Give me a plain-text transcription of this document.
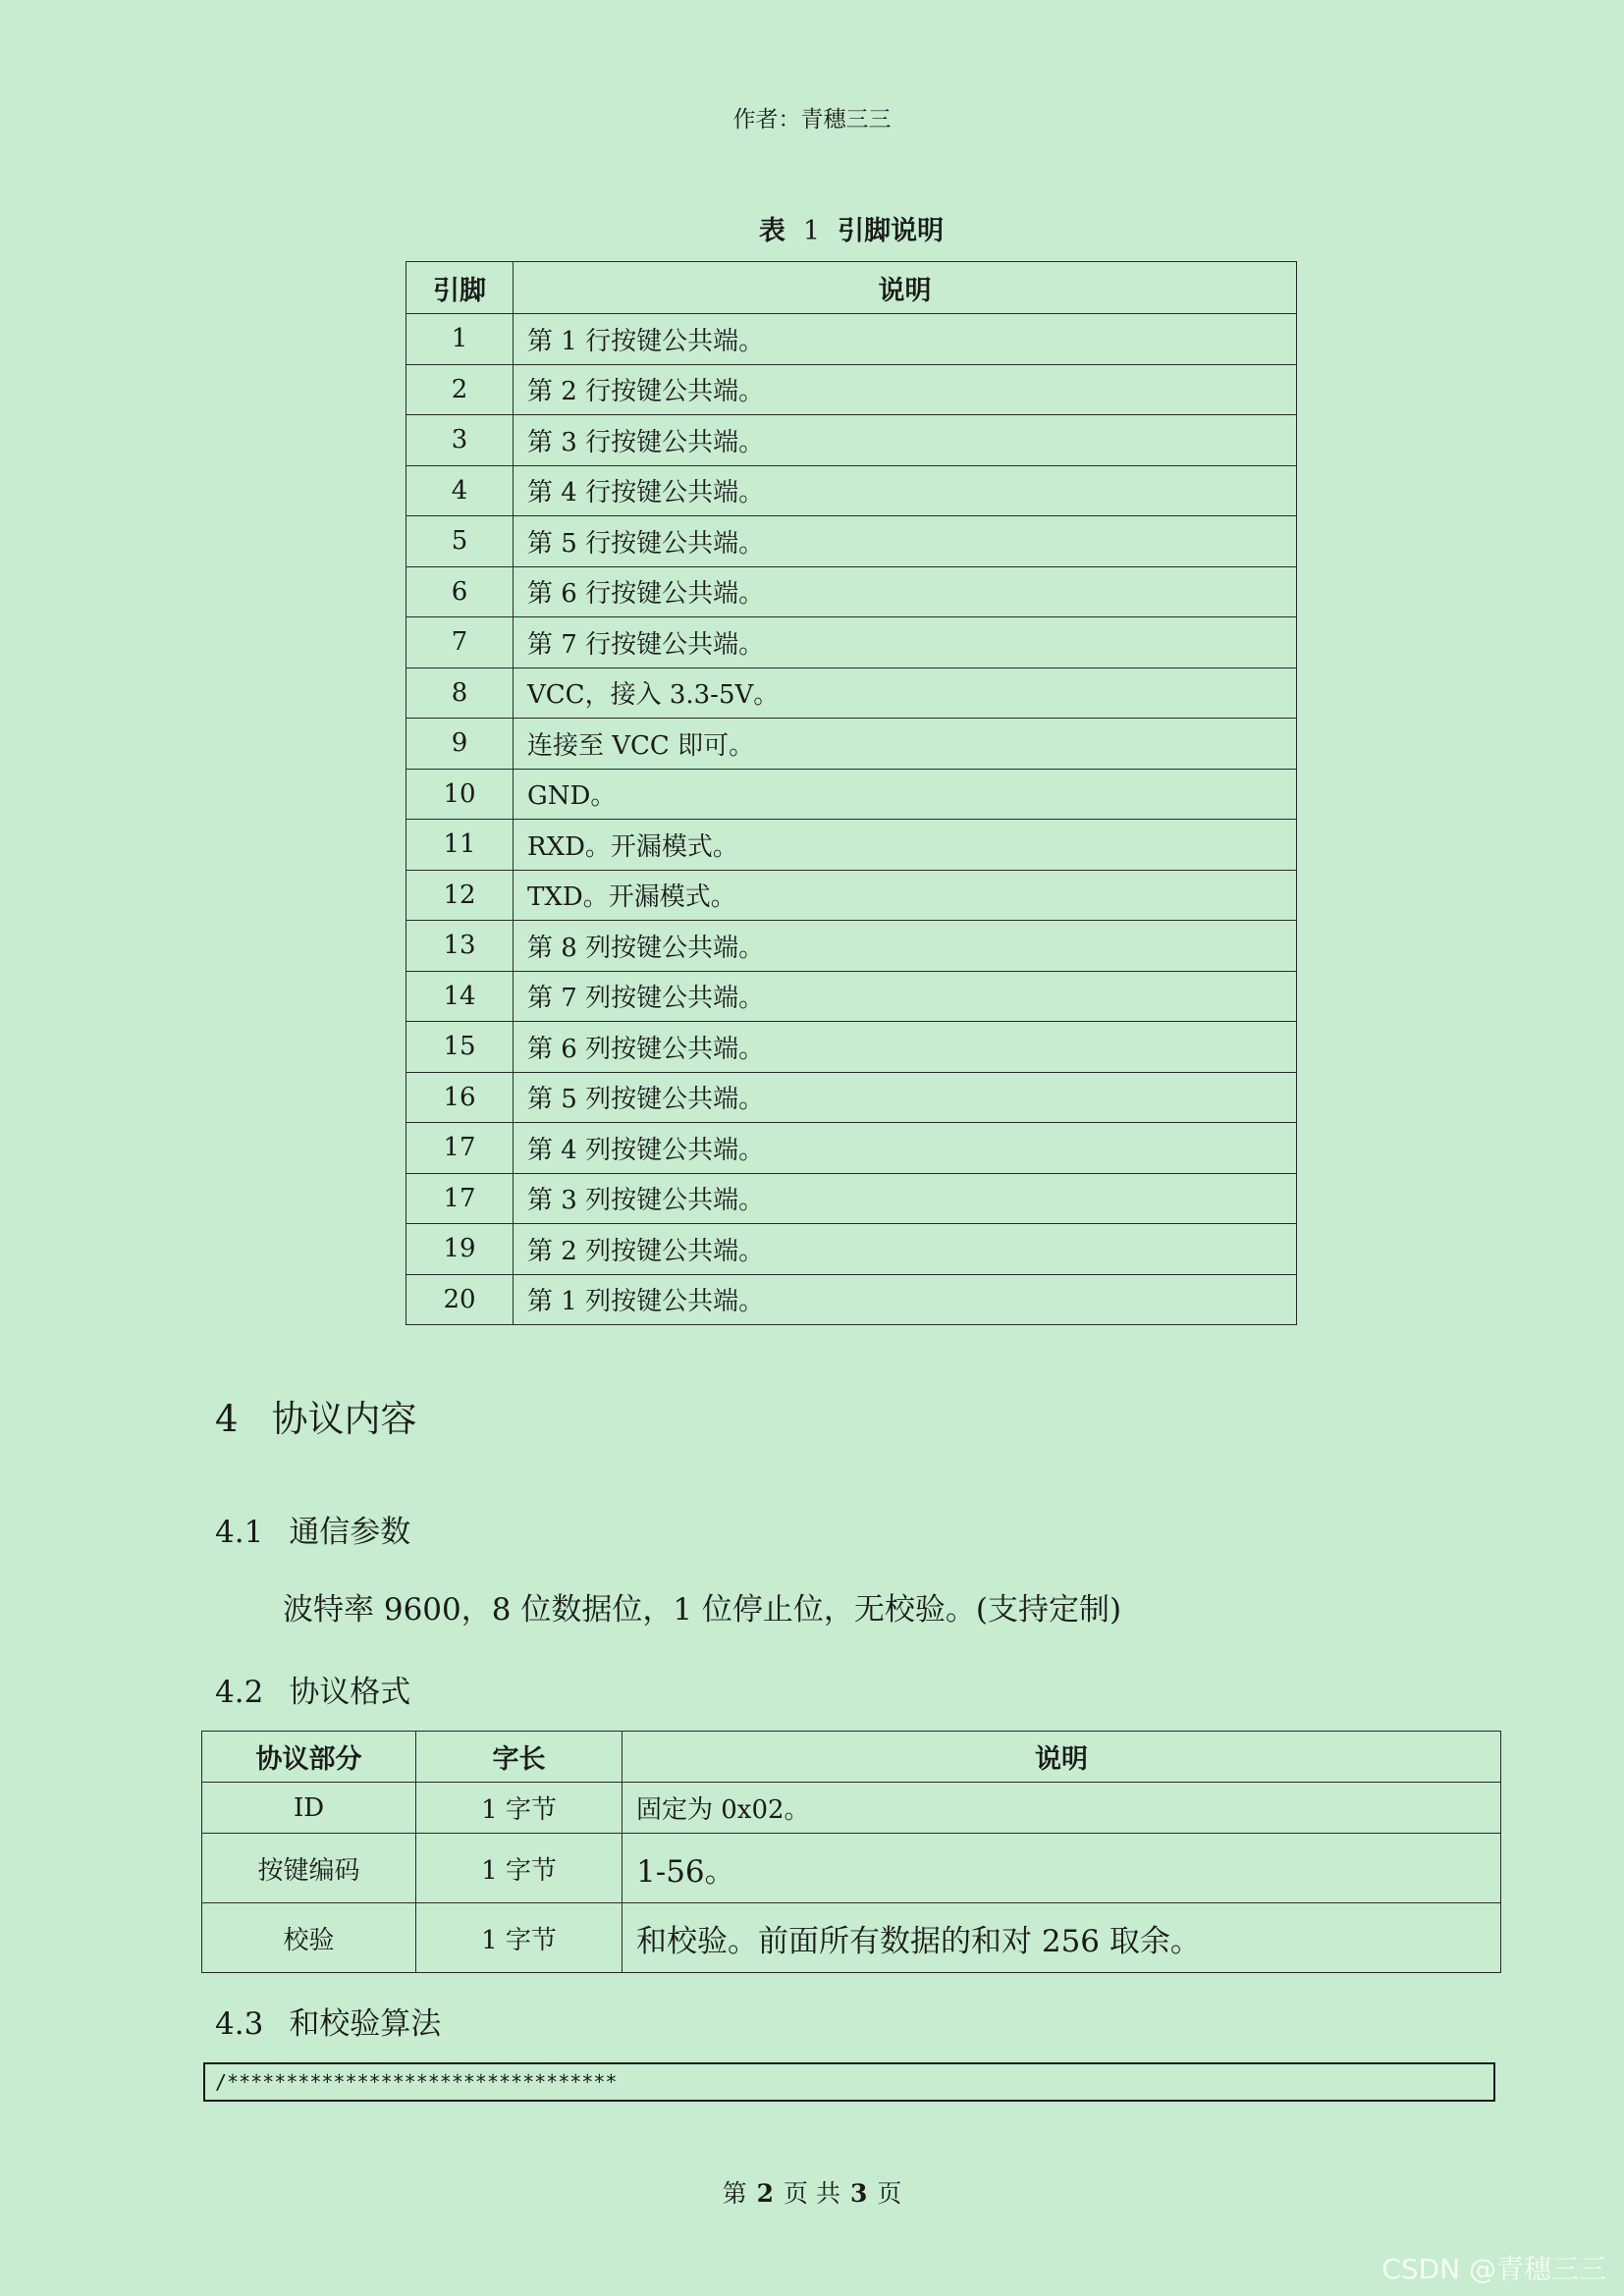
作者：青穗三三
表 1 引脚说明
引脚	说明
1	第 1 行按键公共端。
2	第 2 行按键公共端。
3	第 3 行按键公共端。
4	第 4 行按键公共端。
5	第 5 行按键公共端。
6	第 6 行按键公共端。
7	第 7 行按键公共端。
8	VCC，接入 3.3-5V。
9	连接至 VCC 即可。
10	GND。
11	RXD。开漏模式。
12	TXD。开漏模式。
13	第 8 列按键公共端。
14	第 7 列按键公共端。
15	第 6 列按键公共端。
16	第 5 列按键公共端。
17	第 4 列按键公共端。
17	第 3 列按键公共端。
19	第 2 列按键公共端。
20	第 1 列按键公共端。
4 协议内容
4.1 通信参数
波特率 9600，8 位数据位，1 位停止位，无校验。(支持定制)
4.2 协议格式
协议部分	字长	说明
ID	1 字节	固定为 0x02。
按键编码	1 字节	1-56。
校验	1 字节	和校验。前面所有数据的和对 256 取余。
4.3 和校验算法
/*********************************
第 2 页 共 3 页
CSDN @青穗三三
